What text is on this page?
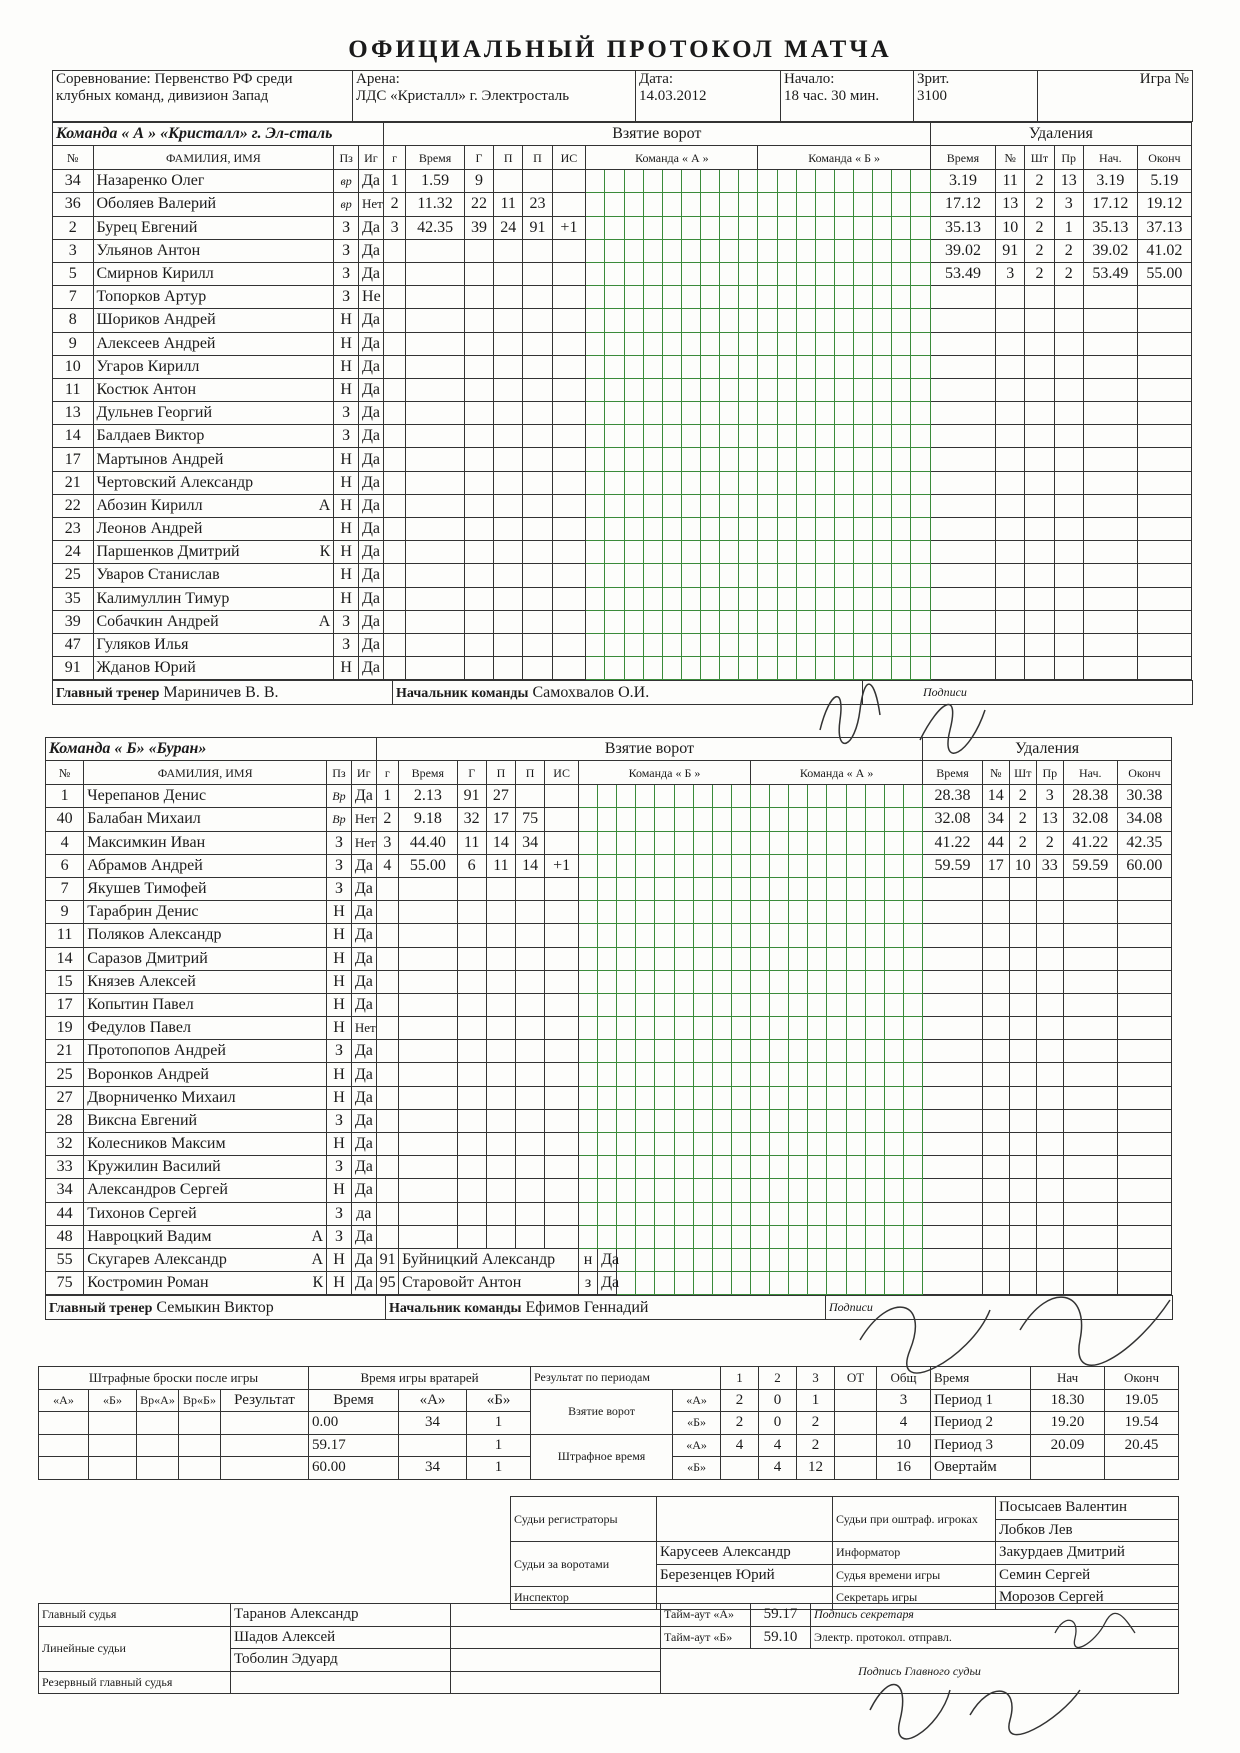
ОФИЦИАЛЬНЫЙ ПРОТОКОЛ МАТЧА
Соревнование: Первенство РФ среди
клубных команд, дивизион Запад	Арена:
ЛДС «Кристалл» г. Электросталь	Дата:
14.03.2012	Начало:
18 час. 30 мин.	Зрит.
3100	Игра №
Команда « А » «Кристалл» г. Эл-сталь				Взятие ворот																								Удаления					
№	ФАМИЛИЯ, ИМЯ	Пз	Иг	г	Время	Г	П	П	ИС	Команда « А »									Команда « Б »									Время	№	Шт	Пр	Нач.	Оконч
34	Назаренко Олег	вр	Да	1	1.59	9																						3.19	11	2	13	3.19	5.19
36	Оболяев Валерий	вр	Нет	2	11.32	22	11	23																				17.12	13	2	3	17.12	19.12
2	Бурец Евгений	З	Да	3	42.35	39	24	91	+1																			35.13	10	2	1	35.13	37.13
3	Ульянов Антон	З	Да																									39.02	91	2	2	39.02	41.02
5	Смирнов Кирилл	З	Да																									53.49	3	2	2	53.49	55.00
7	Топорков Артур	З	Не																														
8	Шориков Андрей	Н	Да																														
9	Алексеев Андрей	Н	Да																														
10	Угаров Кирилл	Н	Да																														
11	Костюк Антон	Н	Да																														
13	Дульнев Георгий	З	Да																														
14	Балдаев Виктор	З	Да																														
17	Мартынов Андрей	Н	Да																														
21	Чертовский Александр	Н	Да																														
22	Абозин Кирилл А	Н	Да																														
23	Леонов Андрей	Н	Да																														
24	Паршенков Дмитрий К	Н	Да																														
25	Уваров Станислав	Н	Да																														
35	Калимуллин Тимур	Н	Да																														
39	Собачкин Андрей А	З	Да																														
47	Гуляков Илья	З	Да																														
91	Жданов Юрий	Н	Да																														
Главный тренер Мариничев В. В.	Начальник команды Самохвалов О.И.	Подписи
Команда « Б» «Буран»				Взятие ворот																								Удаления					
№	ФАМИЛИЯ, ИМЯ	Пз	Иг	г	Время	Г	П	П	ИС	Команда « Б »									Команда « А »									Время	№	Шт	Пр	Нач.	Оконч
1	Черепанов Денис	Вр	Да	1	2.13	91	27																					28.38	14	2	3	28.38	30.38
40	Балабан Михаил	Вр	Нет	2	9.18	32	17	75																				32.08	34	2	13	32.08	34.08
4	Максимкин Иван	З	Нет	3	44.40	11	14	34																				41.22	44	2	2	41.22	42.35
6	Абрамов Андрей	З	Да	4	55.00	6	11	14	+1																			59.59	17	10	33	59.59	60.00
7	Якушев Тимофей	З	Да																														
9	Тарабрин Денис	Н	Да																														
11	Поляков Александр	Н	Да																														
14	Саразов Дмитрий	Н	Да																														
15	Князев Алексей	Н	Да																														
17	Копытин Павел	Н	Да																														
19	Федулов Павел	Н	Нет																														
21	Протопопов Андрей	З	Да																														
25	Воронков Андрей	Н	Да																														
27	Дворниченко Михаил	Н	Да																														
28	Виксна Евгений	З	Да																														
32	Колесников Максим	Н	Да																														
33	Кружилин Василий	З	Да																														
34	Александров Сергей	Н	Да																														
44	Тихонов Сергей	З	да																														
48	Навроцкий Вадим А	З	Да																														
55	Скугарев Александр А	Н	Да	91	Буйницкий Александр					н	Да																						
75	Костромин Роман К	Н	Да	95	Старовойт Антон					з	Да																						
Главный тренер Семыкин Виктор	Начальник команды Ефимов Геннадий	Подписи
Штрафные броски после игры					Время игры вратарей			Результат по периодам		1	2	3	ОТ	Общ	Время	Нач	Оконч
«А»	«Б»	Вр«А»	Вр«Б»	Результат	Время	«А»	«Б»	Взятие ворот	«А»	2	0	1		3	Период 1	18.30	19.05
					0.00	34	1		«Б»	2	0	2		4	Период 2	19.20	19.54
					59.17		1	Штрафное время	«А»	4	4	2		10	Период 3	20.09	20.45
					60.00	34	1		«Б»		4	12		16	Овертайм		
Судьи регистраторы		Судьи при оштраф. игроках	Посысаев Валентин
			Лобков Лев
Судьи за воротами	Карусеев Александр	Информатор	Закурдаев Дмитрий
	Березенцев Юрий	Судья времени игры	Семин Сергей
Инспектор		Секретарь игры	Морозов Сергей
Главный судья	Таранов Александр		Тайм-аут «А»	59.17	Подпись секретаря
Линейные судьи	Шадов Алексей		Тайм-аут «Б»	59.10	Электр. протокол. отправл.
	Тоболин Эдуард		Подпись Главного судьи		
Резервный главный судья					
